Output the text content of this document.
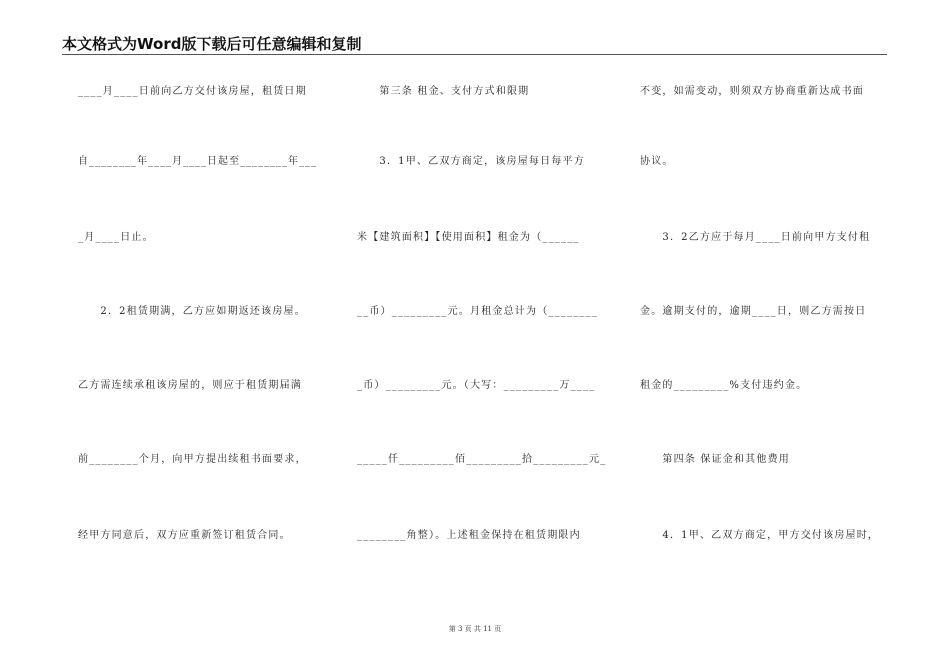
本文格式为Word版下载后可任意编辑和复制
____月____日前向乙方交付该房屋，租赁日期
自________年____月____日起至________年___
_月____日止。
　　2．2租赁期满，乙方应如期返还该房屋。
乙方需连续承租该房屋的，则应于租赁期届满
前________个月，向甲方提出续租书面要求，
经甲方同意后，双方应重新签订租赁合同。
　　第三条 租金、支付方式和限期
　　3．1甲、乙双方商定，该房屋每日每平方
米【建筑面积】【使用面积】租金为（______
__币）_________元。月租金总计为（________
_币）_________元。（大写：_________万____
_____仟_________佰_________拾_________元_
________角整）。上述租金保持在租赁期限内
不变，如需变动，则须双方协商重新达成书面
协议。
　　3．2乙方应于每月____日前向甲方支付租
金。逾期支付的，逾期____日，则乙方需按日
租金的_________%支付违约金。
　　第四条 保证金和其他费用
　　4．1甲、乙双方商定，甲方交付该房屋时，
第 3 页 共 11 页
